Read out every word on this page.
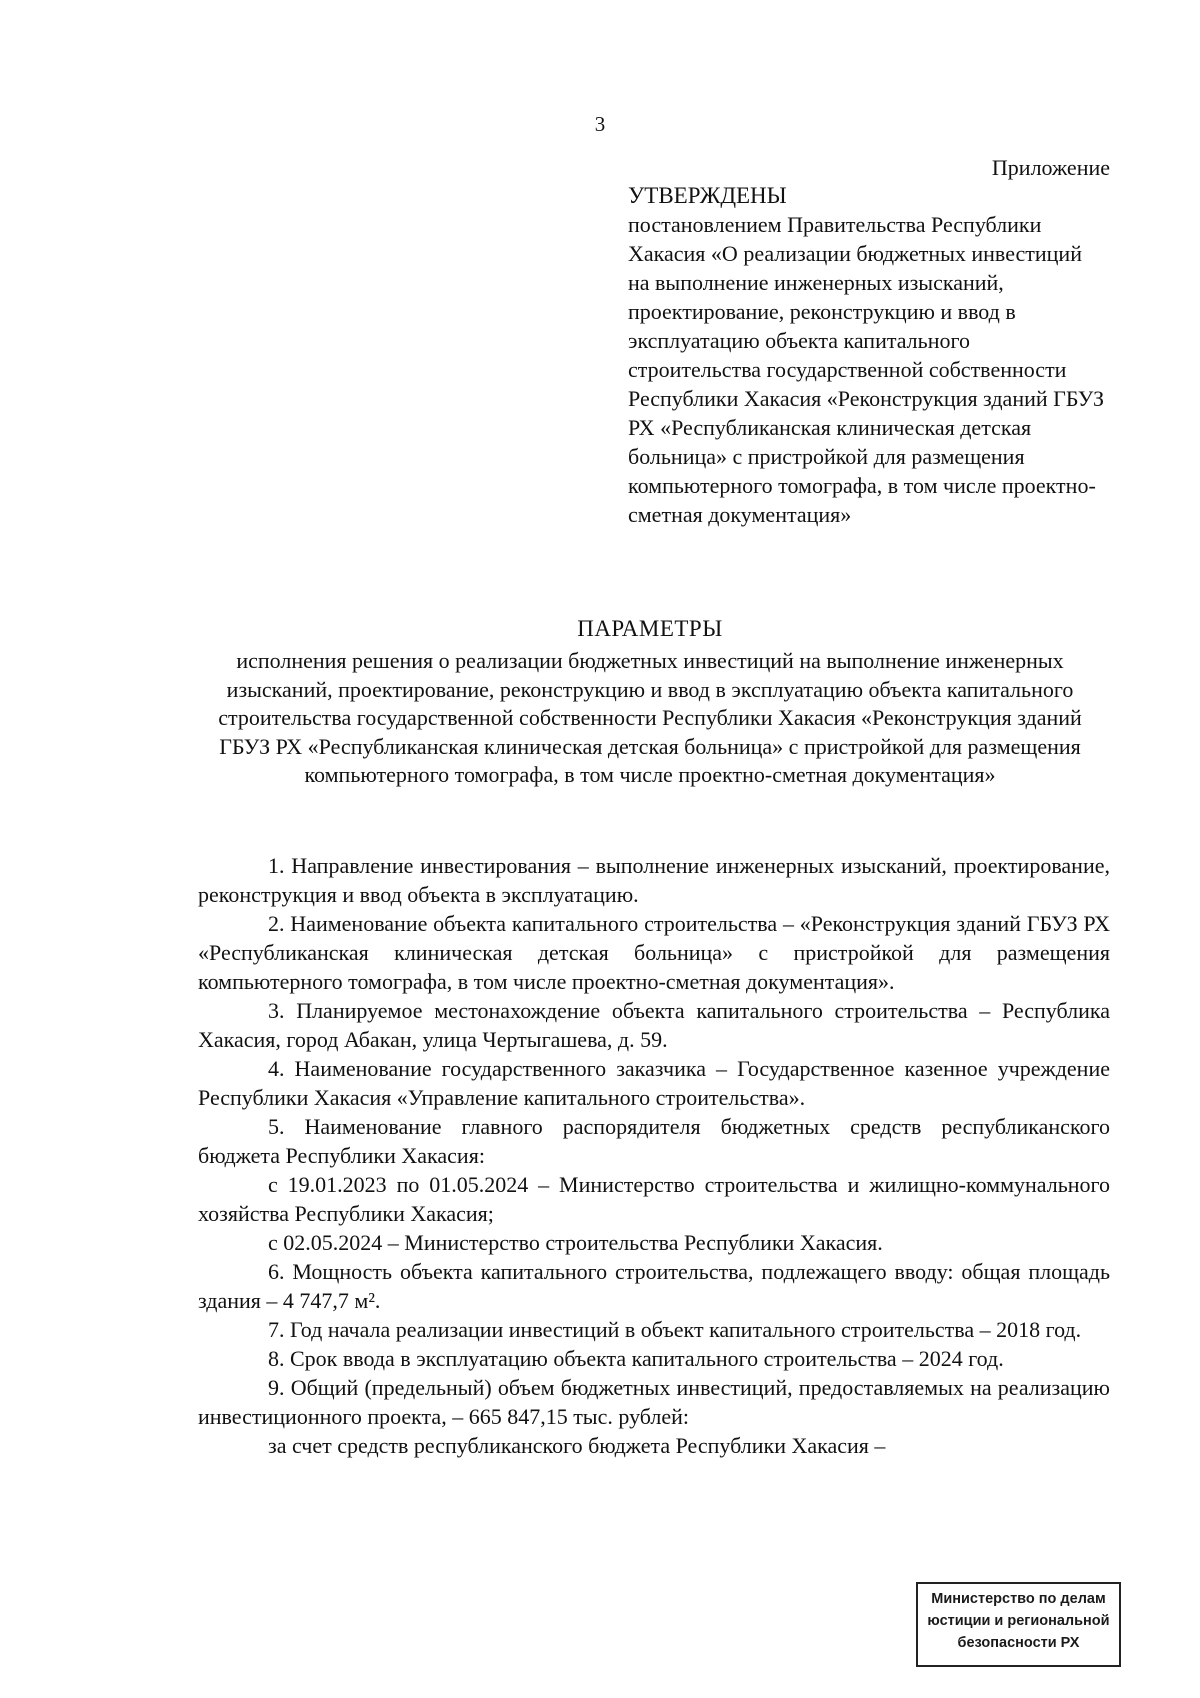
3
Приложение
УТВЕРЖДЕНЫ
постановлением Правительства Республики Хакасия «О реализации бюджетных инвестиций на выполнение инженерных изысканий, проектирование, реконструкцию и ввод в эксплуатацию объекта капитального строительства государственной собственности Республики Хакасия «Реконструкция зданий ГБУЗ РХ «Республиканская клиническая детская больница» с пристройкой для размещения компьютерного томографа, в том числе проектно-сметная документация»
ПАРАМЕТРЫ
исполнения решения о реализации бюджетных инвестиций на выполнение инженерных изысканий, проектирование, реконструкцию и ввод в эксплуатацию объекта капитального строительства государственной собственности Республики Хакасия «Реконструкция зданий ГБУЗ РХ «Республиканская клиническая детская больница» с пристройкой для размещения компьютерного томографа, в том числе проектно-сметная документация»

1. Направление инвестирования – выполнение инженерных изысканий, проектирование, реконструкция и ввод объекта в эксплуатацию.

2. Наименование объекта капитального строительства – «Реконструкция зданий ГБУЗ РХ «Республиканская клиническая детская больница» с пристройкой для размещения компьютерного томографа, в том числе проектно-сметная документация».

3. Планируемое местонахождение объекта капитального строительства – Республика Хакасия, город Абакан, улица Чертыгашева, д. 59.

4. Наименование государственного заказчика – Государственное казенное учреждение Республики Хакасия «Управление капитального строительства».

5. Наименование главного распорядителя бюджетных средств республиканского бюджета Республики Хакасия:

с 19.01.2023 по 01.05.2024 – Министерство строительства и жилищно-коммунального хозяйства Республики Хакасия;

с 02.05.2024 – Министерство строительства Республики Хакасия.

6. Мощность объекта капитального строительства, подлежащего вводу: общая площадь здания – 4 747,7 м².

7. Год начала реализации инвестиций в объект капитального строительства – 2018 год.

8. Срок ввода в эксплуатацию объекта капитального строительства – 2024 год.

9. Общий (предельный) объем бюджетных инвестиций, предоставляемых на реализацию инвестиционного проекта, – 665 847,15 тыс. рублей:

за счет средств республиканского бюджета Республики Хакасия –

Министерство по делам
юстиции и региональной
безопасности РХ
